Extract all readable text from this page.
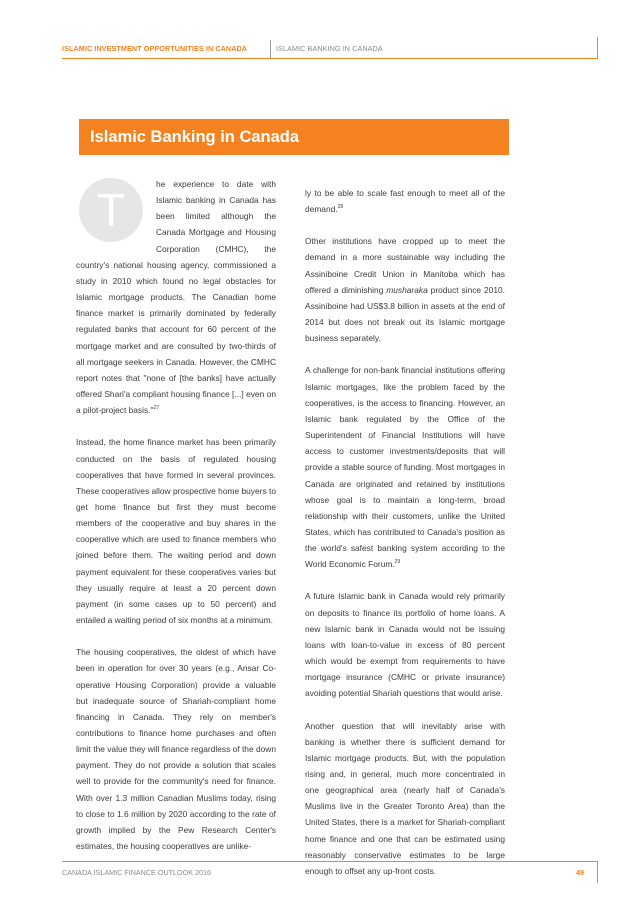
ISLAMIC INVESTMENT OPPORTUNITIES IN CANADA	ISLAMIC BANKING IN CANADA
Islamic Banking in Canada

T	he experience to date with Islamic banking in Canada has been limited although the Canada Mortgage and Housing Corporation (CMHC), the country's national housing agency, commissioned a study in 2010 which found no legal obstacles for Islamic mortgage products. The Canadian home finance market is primarily dominated by federally regulated banks that account for 60 percent of the mortgage market and are consulted by two-thirds of all mortgage seekers in Canada. However, the CMHC report notes that "none of [the banks] have actually offered Shari'a compliant housing finance [...] even on a pilot-project basis."$^{27}$

Instead, the home finance market has been primarily conducted on the basis of regulated housing cooperatives that have formed in several provinces. These cooperatives allow prospective home buyers to get home finance but first they must become members of the cooperative and buy shares in the cooperative which are used to finance members who joined before them. The waiting period and down payment equivalent for these cooperatives varies but they usually require at least a 20 percent down payment (in some cases up to 50 percent) and entailed a waiting period of six months at a minimum.

The housing cooperatives, the oldest of which have been in operation for over 30 years (e.g., Ansar Co-operative Housing Corporation) provide a valuable but inadequate source of Shariah-compliant home financing in Canada. They rely on member's contributions to finance home purchases and often limit the value they will finance regardless of the down payment. They do not provide a solution that scales well to provide for the community's need for finance. With over 1.3 million Canadian Muslims today, rising to close to 1.6 million by 2020 according to the rate of growth implied by the Pew Research Center's estimates, the housing cooperatives are unlike-

ly to be able to scale fast enough to meet all of the demand.$^{28}$

Other institutions have cropped up to meet the demand in a more sustainable way including the Assiniboine Credit Union in Manitoba which has offered a diminishing musharaka product since 2010. Assiniboine had US$3.8 billion in assets at the end of 2014 but does not break out its Islamic mortgage business separately.

A challenge for non-bank financial institutions offering Islamic mortgages, like the problem faced by the cooperatives, is the access to financing. However, an Islamic bank regulated by the Office of the Superintendent of Financial Institutions will have access to customer investments/deposits that will provide a stable source of funding. Most mortgages in Canada are originated and retained by institutions whose goal is to maintain a long-term, broad relationship with their customers, unlike the United States, which has contributed to Canada's position as the world's safest banking system according to the World Economic Forum.$^{29}$

A future Islamic bank in Canada would rely primarily on deposits to finance its portfolio of home loans. A new Islamic bank in Canada would not be issuing loans with loan-to-value in excess of 80 percent which would be exempt from requirements to have mortgage insurance (CMHC or private insurance) avoiding potential Shariah questions that would arise.

Another question that will inevitably arise with banking is whether there is sufficient demand for Islamic mortgage products. But, with the population rising and, in general, much more concentrated in one geographical area (nearly half of Canada's Muslims live in the Greater Toronto Area) than the United States, there is a market for Shariah-compliant home finance and one that can be estimated using reasonably conservative estimates to be large enough to offset any up-front costs.

CANADA ISLAMIC FINANCE OUTLOOK 2016	49
